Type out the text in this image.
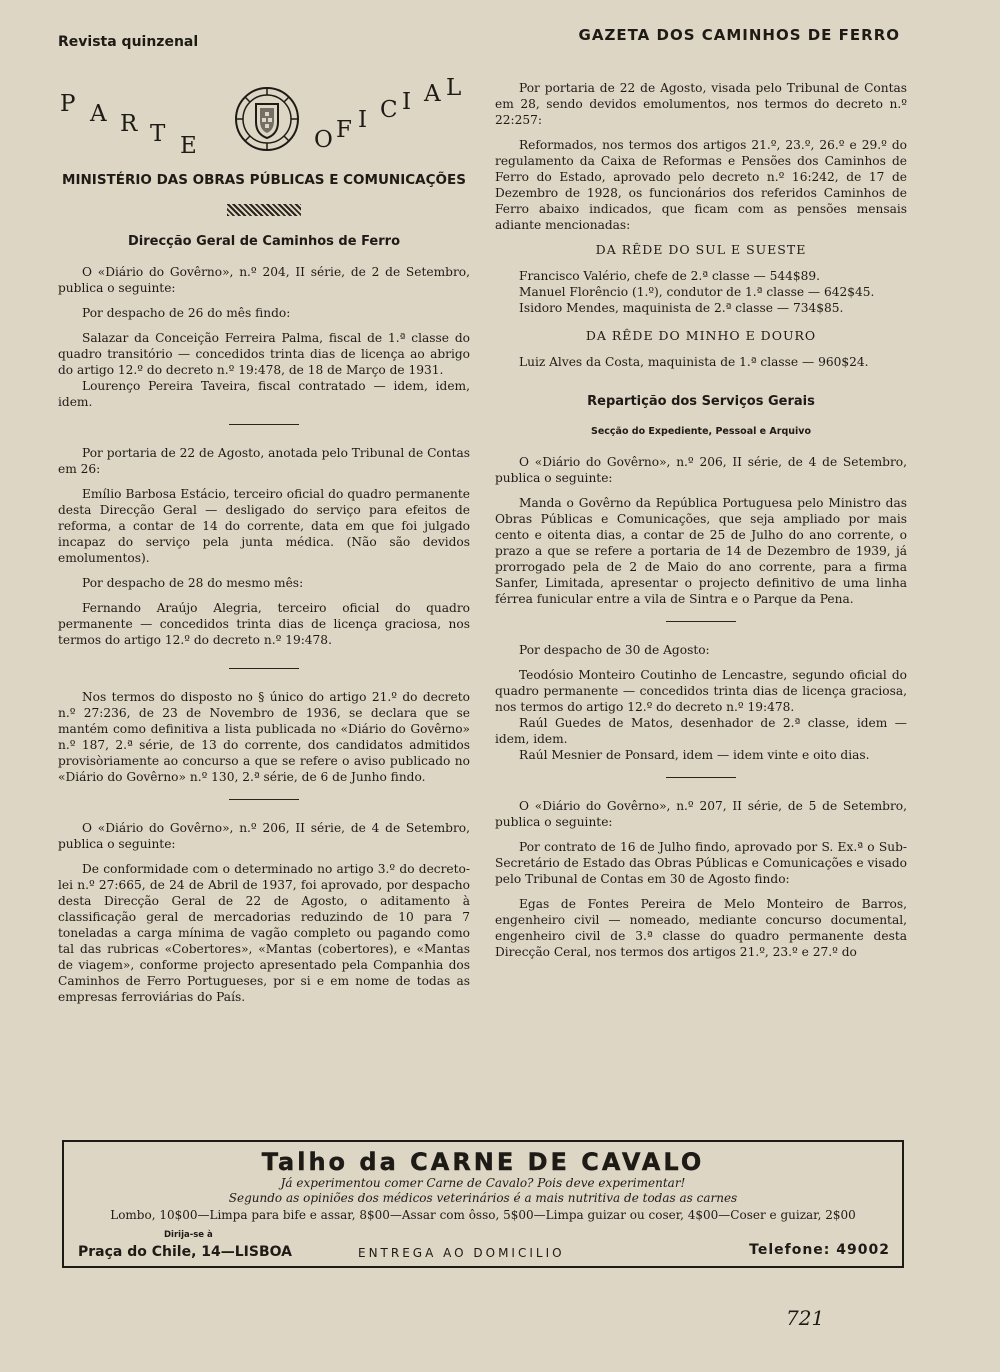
Revista quinzenal	GAZETA DOS CAMINHOS DE FERRO
P A R T E	O F I C I A L
MINISTÉRIO DAS OBRAS PÚBLICAS E COMUNICAÇÕES
Direcção Geral de Caminhos de Ferro

O «Diário do Govêrno», n.º 204, II série, de 2 de Setembro, publica o seguinte:

Por despacho de 26 do mês findo:

Salazar da Conceição Ferreira Palma, fiscal de 1.ª classe do quadro transitório — concedidos trinta dias de licença ao abrigo do artigo 12.º do decreto n.º 19:478, de 18 de Março de 1931.

Lourenço Pereira Taveira, fiscal contratado — idem, idem, idem.

Por portaria de 22 de Agosto, anotada pelo Tribunal de Contas em 26:

Emílio Barbosa Estácio, terceiro oficial do quadro permanente desta Direcção Geral — desligado do serviço para efeitos de reforma, a contar de 14 do corrente, data em que foi julgado incapaz do serviço pela junta médica. (Não são devidos emolumentos).

Por despacho de 28 do mesmo mês:

Fernando Araújo Alegria, terceiro oficial do quadro permanente — concedidos trinta dias de licença graciosa, nos termos do artigo 12.º do decreto n.º 19:478.

Nos termos do disposto no § único do artigo 21.º do decreto n.º 27:236, de 23 de Novembro de 1936, se declara que se mantém como definitiva a lista publicada no «Diário do Govêrno» n.º 187, 2.ª série, de 13 do corrente, dos candidatos admitidos provisòriamente ao concurso a que se refere o aviso publicado no «Diário do Govêrno» n.º 130, 2.ª série, de 6 de Junho findo.

O «Diário do Govêrno», n.º 206, II série, de 4 de Setembro, publica o seguinte:

De conformidade com o determinado no artigo 3.º do decreto-lei n.º 27:665, de 24 de Abril de 1937, foi aprovado, por despacho desta Direcção Geral de 22 de Agosto, o aditamento à classificação geral de mercadorias reduzindo de 10 para 7 toneladas a carga mínima de vagão completo ou pagando como tal das rubricas «Cobertores», «Mantas (cobertores), e «Mantas de viagem», conforme projecto apresentado pela Companhia dos Caminhos de Ferro Portugueses, por si e em nome de todas as empresas ferroviárias do País.

Por portaria de 22 de Agosto, visada pelo Tribunal de Contas em 28, sendo devidos emolumentos, nos termos do decreto n.º 22:257:

Reformados, nos termos dos artigos 21.º, 23.º, 26.º e 29.º do regulamento da Caixa de Reformas e Pensões dos Caminhos de Ferro do Estado, aprovado pelo decreto n.º 16:242, de 17 de Dezembro de 1928, os funcionários dos referidos Caminhos de Ferro abaixo indicados, que ficam com as pensões mensais adiante mencionadas:

DA RÊDE DO SUL E SUESTE

Francisco Valério, chefe de 2.ª classe — 544$89.

Manuel Florêncio (1.º), condutor de 1.ª classe — 642$45.

Isidoro Mendes, maquinista de 2.ª classe — 734$85.

DA RÊDE DO MINHO E DOURO

Luiz Alves da Costa, maquinista de 1.ª classe — 960$24.

Repartição dos Serviços Gerais
Secção do Expediente, Pessoal e Arquivo

O «Diário do Govêrno», n.º 206, II série, de 4 de Setembro, publica o seguinte:

Manda o Govêrno da República Portuguesa pelo Ministro das Obras Públicas e Comunicações, que seja ampliado por mais cento e oitenta dias, a contar de 25 de Julho do ano corrente, o prazo a que se refere a portaria de 14 de Dezembro de 1939, já prorrogado pela de 2 de Maio do ano corrente, para a firma Sanfer, Limitada, apresentar o projecto definitivo de uma linha férrea funicular entre a vila de Sintra e o Parque da Pena.

Por despacho de 30 de Agosto:

Teodósio Monteiro Coutinho de Lencastre, segundo oficial do quadro permanente — concedidos trinta dias de licença graciosa, nos termos do artigo 12.º do decreto n.º 19:478.

Raúl Guedes de Matos, desenhador de 2.ª classe, idem — idem, idem.

Raúl Mesnier de Ponsard, idem — idem vinte e oito dias.

O «Diário do Govêrno», n.º 207, II série, de 5 de Setembro, publica o seguinte:

Por contrato de 16 de Julho findo, aprovado por S. Ex.ª o Sub-Secretário de Estado das Obras Públicas e Comunicações e visado pelo Tribunal de Contas em 30 de Agosto findo:

Egas de Fontes Pereira de Melo Monteiro de Barros, engenheiro civil — nomeado, mediante concurso documental, engenheiro civil de 3.ª classe do quadro permanente desta Direcção Ceral, nos termos dos artigos 21.º, 23.º e 27.º do

Talho da CARNE DE CAVALO
Já experimentou comer Carne de Cavalo? Pois deve experimentar!
Segundo as opiniões dos médicos veterinários é a mais nutritiva de todas as carnes
Lombo, 10$00—Limpa para bife e assar, 8$00—Assar com ôsso, 5$00—Limpa guizar ou coser, 4$00—Coser e guizar, 2$00
Dirija-se à
Praça do Chile, 14—LISBOA	ENTREGA AO DOMICILIO	Telefone: 49002
721
